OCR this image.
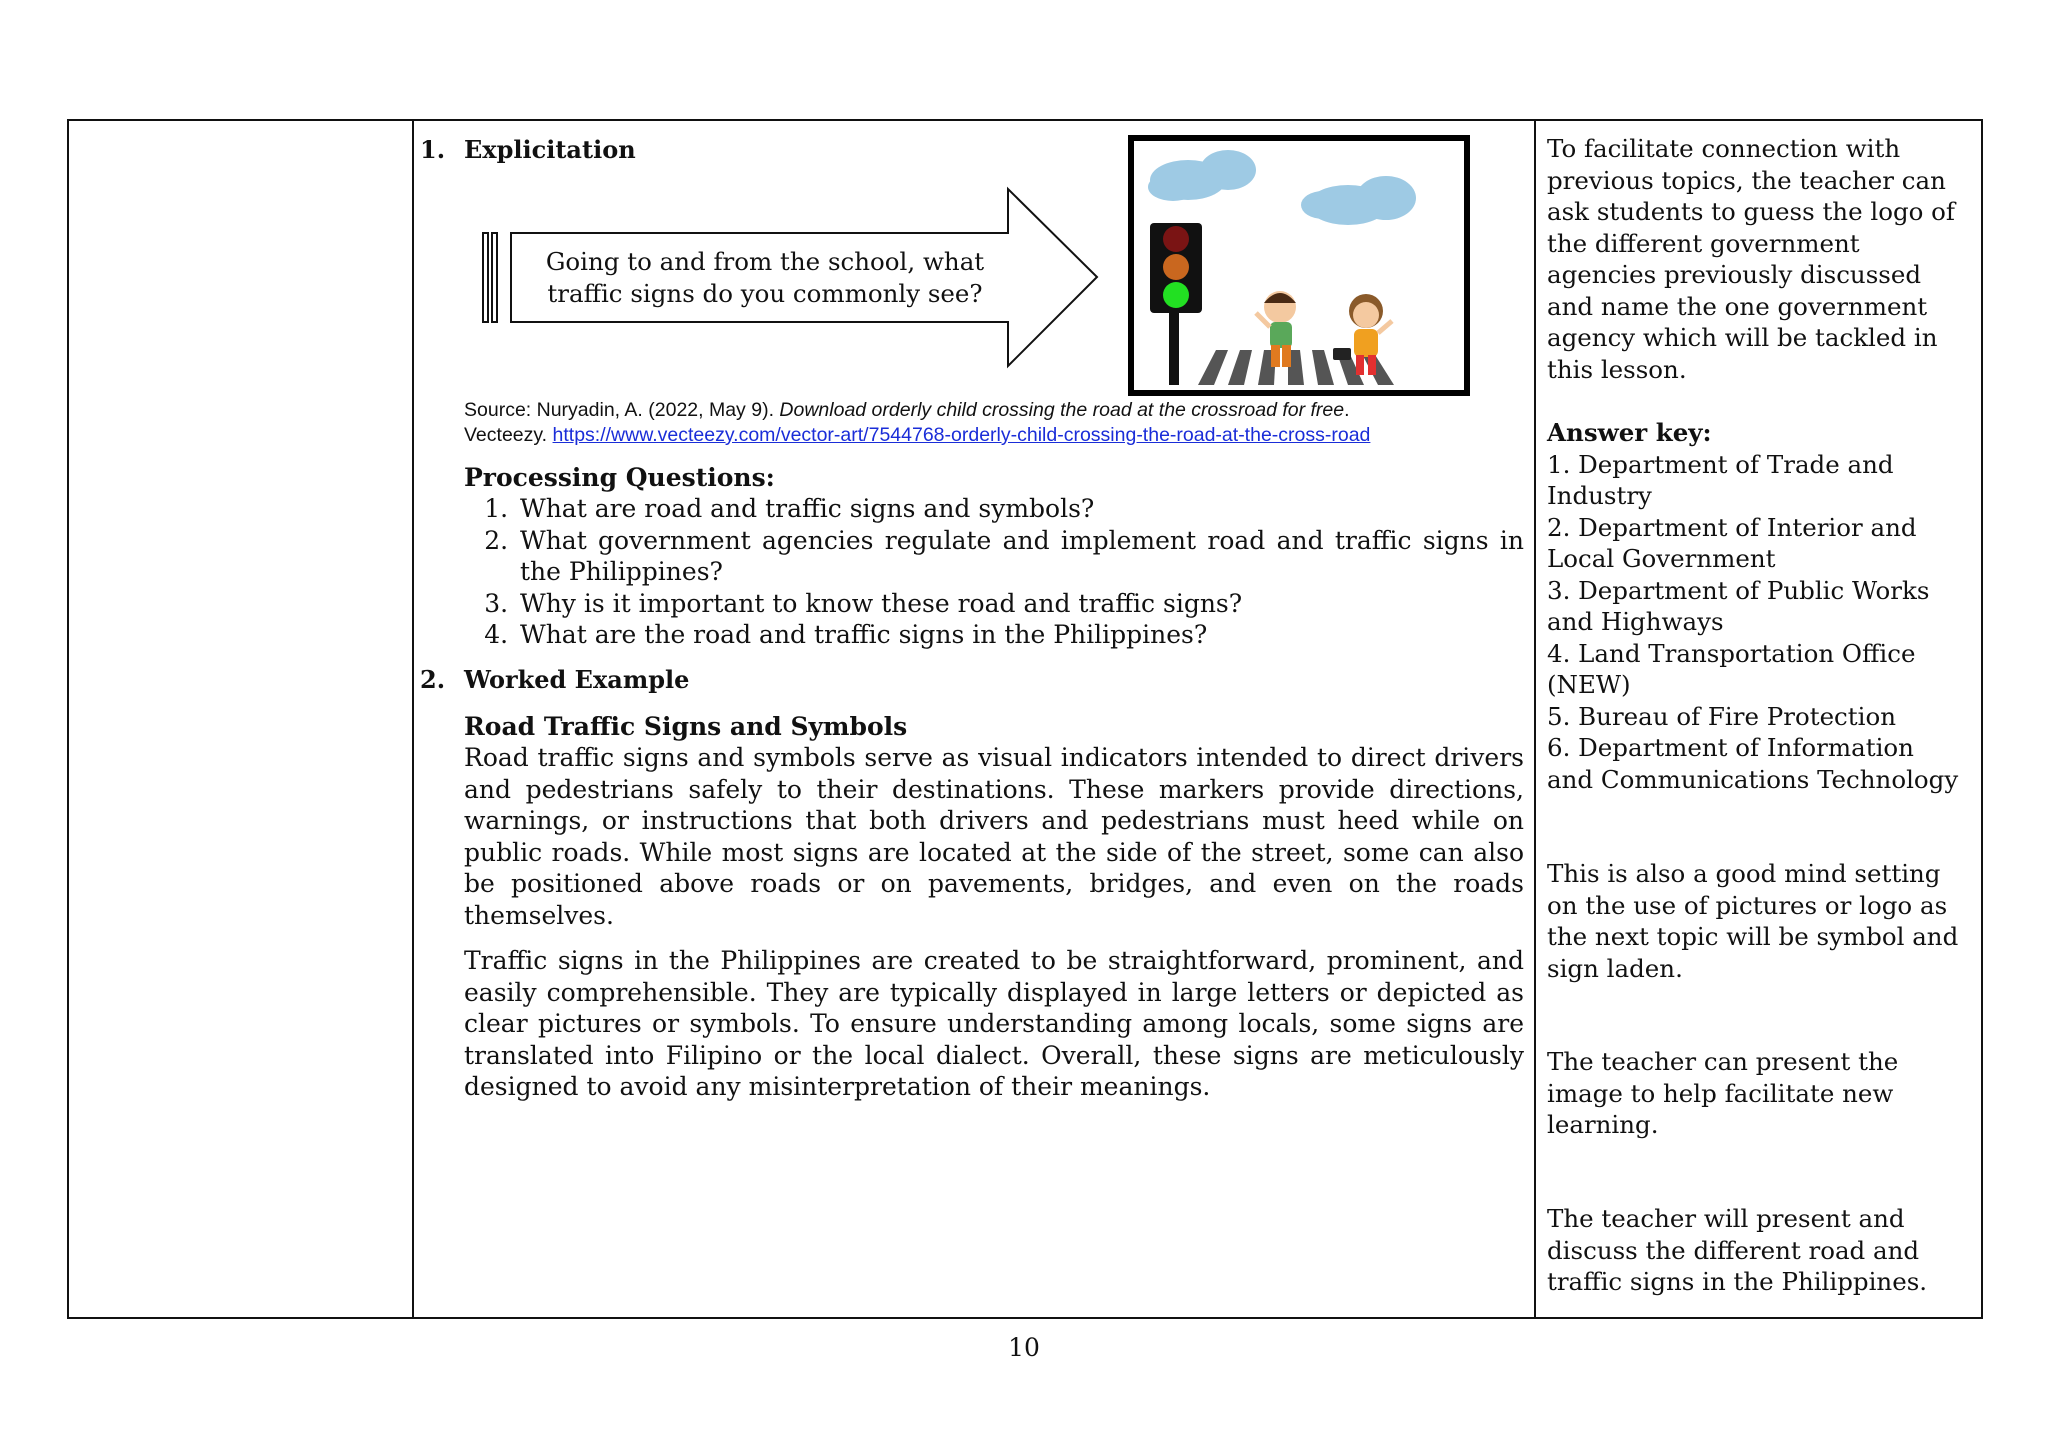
1. Explicitation
Going to and from the school, what traffic signs do you commonly see?
Source: Nuryadin, A. (2022, May 9). Download orderly child crossing the road at the crossroad for free.
Vecteezy. https://www.vecteezy.com/vector-art/7544768-orderly-child-crossing-the-road-at-the-cross-road
Processing Questions:
1. What are road and traffic signs and symbols?
2. What government agencies regulate and implement road and traffic signs in the Philippines?
3. Why is it important to know these road and traffic signs?
4. What are the road and traffic signs in the Philippines?
2. Worked Example
Road Traffic Signs and Symbols
Road traffic signs and symbols serve as visual indicators intended to direct drivers and pedestrians safely to their destinations. These markers provide directions, warnings, or instructions that both drivers and pedestrians must heed while on public roads. While most signs are located at the side of the street, some can also be positioned above roads or on pavements, bridges, and even on the roads themselves.
Traffic signs in the Philippines are created to be straightforward, prominent, and easily comprehensible. They are typically displayed in large letters or depicted as clear pictures or symbols. To ensure understanding among locals, some signs are translated into Filipino or the local dialect. Overall, these signs are meticulously designed to avoid any misinterpretation of their meanings.
To facilitate connection with previous topics, the teacher can ask students to guess the logo of the different government agencies previously discussed and name the one government agency which will be tackled in this lesson.
Answer key:
1. Department of Trade and Industry
2. Department of Interior and Local Government
3. Department of Public Works and Highways
4. Land Transportation Office (NEW)
5. Bureau of Fire Protection
6. Department of Information and Communications Technology
This is also a good mind setting on the use of pictures or logo as the next topic will be symbol and sign laden.
The teacher can present the image to help facilitate new learning.
The teacher will present and discuss the different road and traffic signs in the Philippines.
10
